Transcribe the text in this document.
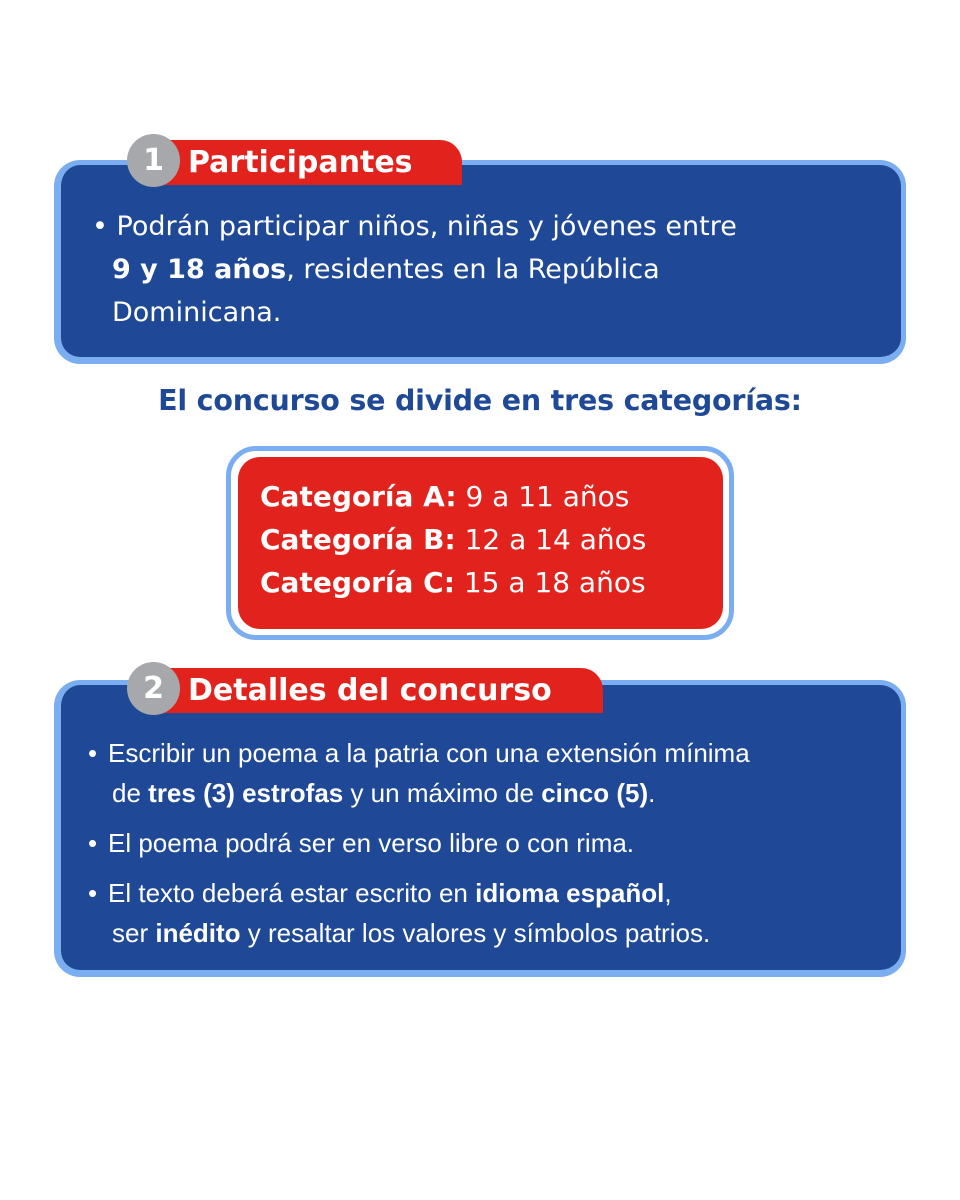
Participantes
1
• Podrán participar niños, niñas y jóvenes entre
9 y 18 años, residentes en la República
Dominicana.
El concurso se divide en tres categorías:
Categoría A: 9 a 11 años
Categoría B: 12 a 14 años
Categoría C: 15 a 18 años
Detalles del concurso
2
• Escribir un poema a la patria con una extensión mínima
de tres (3) estrofas y un máximo de cinco (5).
• El poema podrá ser en verso libre o con rima.
• El texto deberá estar escrito en idioma español,
ser inédito y resaltar los valores y símbolos patrios.
